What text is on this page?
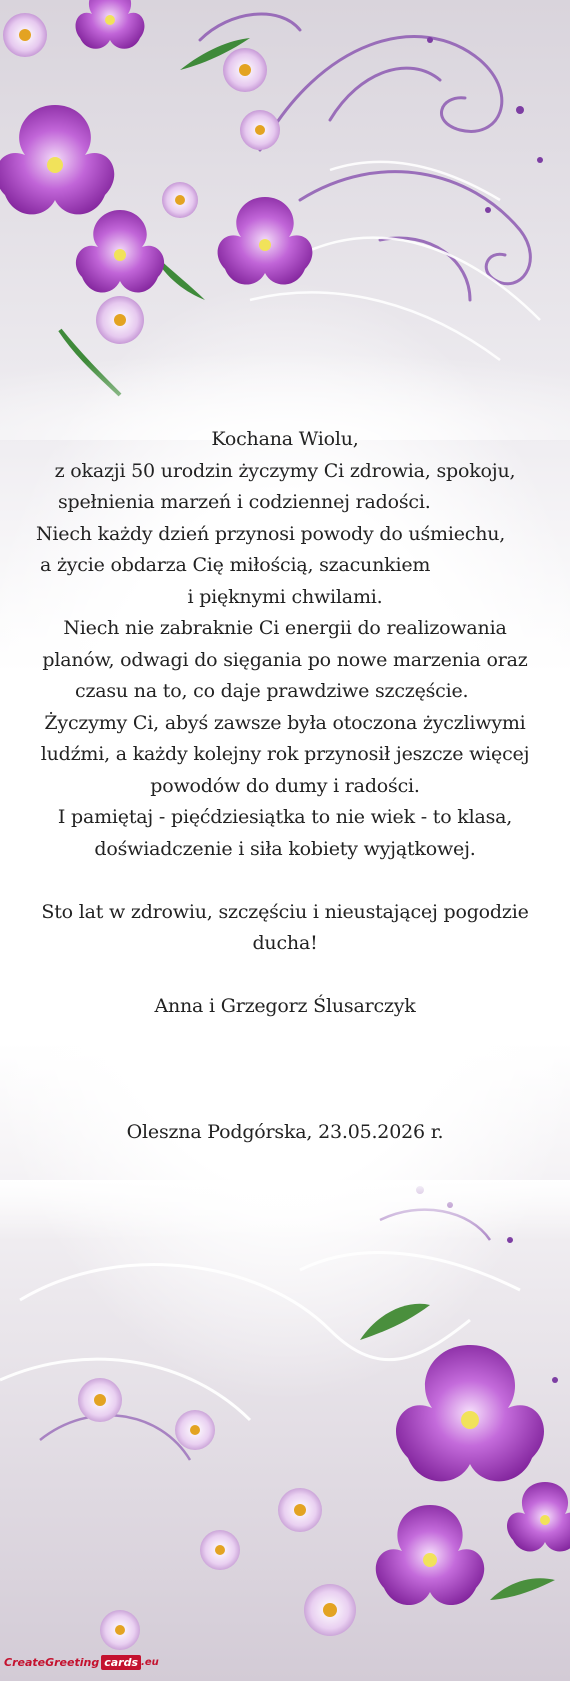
Kochana Wiolu,
z okazji 50 urodzin życzymy Ci zdrowia, spokoju,
spełnienia marzeń i codziennej radości.
Niech każdy dzień przynosi powody do uśmiechu,
a życie obdarza Cię miłością, szacunkiem
i pięknymi chwilami.
Niech nie zabraknie Ci energii do realizowania
planów, odwagi do sięgania po nowe marzenia oraz
czasu na to, co daje prawdziwe szczęście.
Życzymy Ci, abyś zawsze była otoczona życzliwymi
ludźmi, a każdy kolejny rok przynosił jeszcze więcej
powodów do dumy i radości.
I pamiętaj - pięćdziesiątka to nie wiek - to klasa,
doświadczenie i siła kobiety wyjątkowej.
Sto lat w zdrowiu, szczęściu i nieustającej pogodzie
ducha!
Anna i Grzegorz Ślusarczyk
Oleszna Podgórska, 23.05.2026 r.
CreateGreeting cards .eu
